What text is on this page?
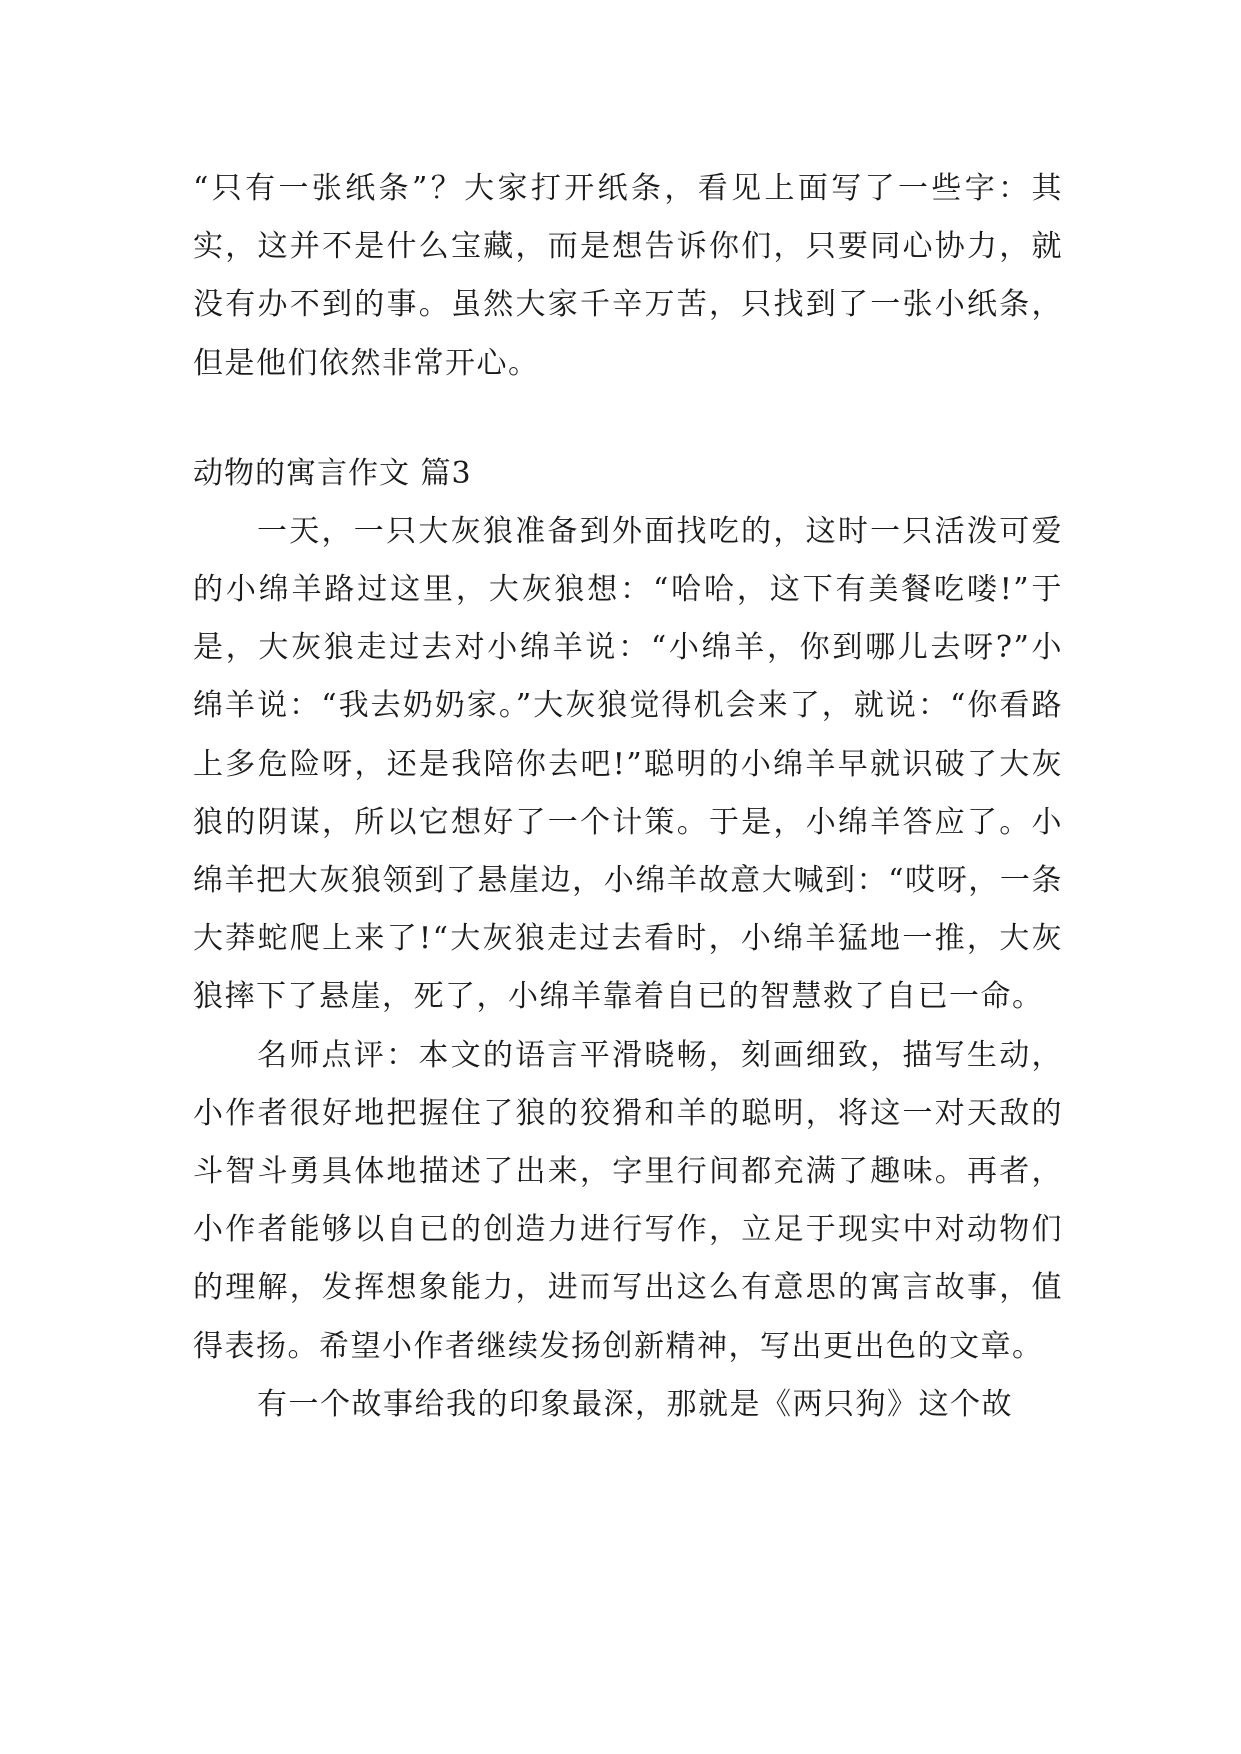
“只有一张纸条”？大家打开纸条，看见上面写了一些字：其实，这并不是什么宝藏，而是想告诉你们，只要同心协力，就没有办不到的事。虽然大家千辛万苦，只找到了一张小纸条，但是他们依然非常开心。

动物的寓言作文 篇3

一天，一只大灰狼准备到外面找吃的，这时一只活泼可爱的小绵羊路过这里，大灰狼想：“哈哈，这下有美餐吃喽!”于是，大灰狼走过去对小绵羊说：“小绵羊，你到哪儿去呀?”小绵羊说：“我去奶奶家。”大灰狼觉得机会来了，就说：“你看路上多危险呀，还是我陪你去吧!”聪明的小绵羊早就识破了大灰狼的阴谋，所以它想好了一个计策。于是，小绵羊答应了。小绵羊把大灰狼领到了悬崖边，小绵羊故意大喊到：“哎呀，一条大莽蛇爬上来了!“大灰狼走过去看时，小绵羊猛地一推，大灰狼摔下了悬崖，死了，小绵羊靠着自已的智慧救了自已一命。

名师点评：本文的语言平滑晓畅，刻画细致，描写生动，小作者很好地把握住了狼的狡猾和羊的聪明，将这一对天敌的斗智斗勇具体地描述了出来，字里行间都充满了趣味。再者，小作者能够以自已的创造力进行写作，立足于现实中对动物们的理解，发挥想象能力，进而写出这么有意思的寓言故事，值得表扬。希望小作者继续发扬创新精神，写出更出色的文章。

有一个故事给我的印象最深，那就是《两只狗》这个故
